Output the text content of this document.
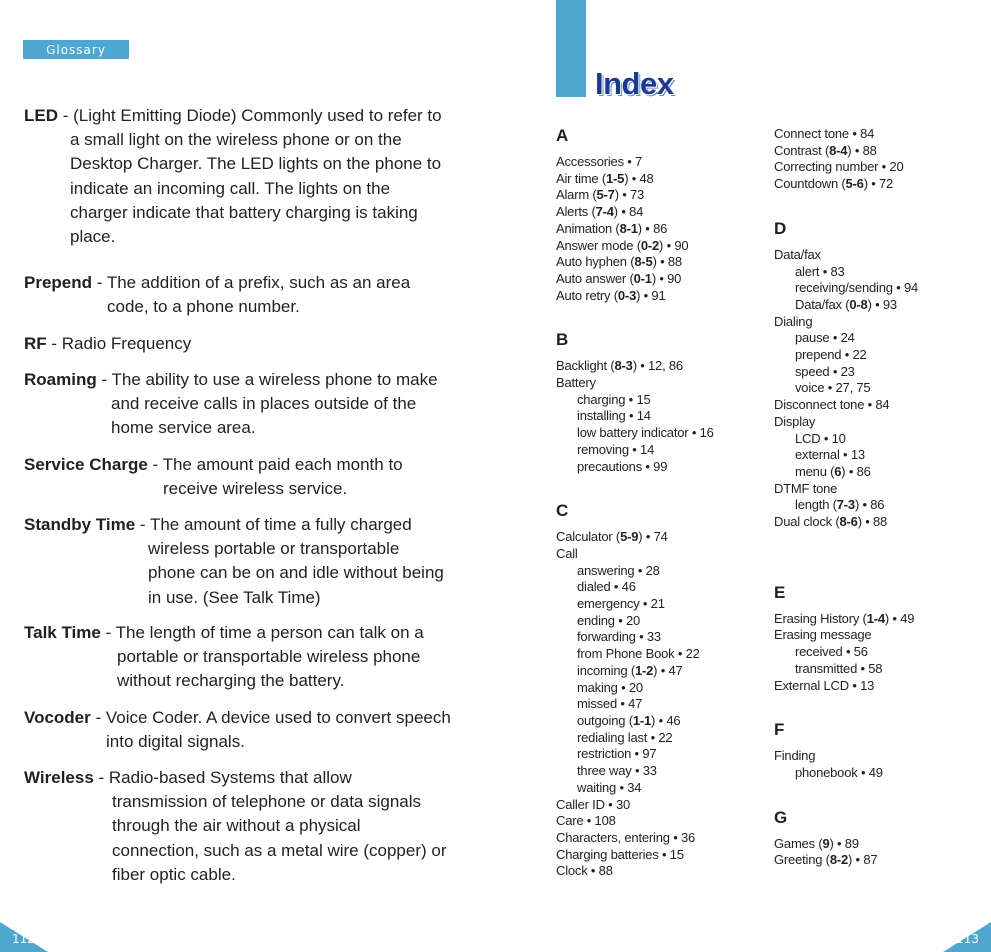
Glossary
LED - (Light Emitting Diode) Commonly used to refer to
a small light on the wireless phone or on the
Desktop Charger. The LED lights on the phone to
indicate an incoming call. The lights on the
charger indicate that battery charging is taking
place.
Prepend - The addition of a prefix, such as an area
code, to a phone number.
RF - Radio Frequency
Roaming - The ability to use a wireless phone to make
and receive calls in places outside of the
home service area.
Service Charge - The amount paid each month to
receive wireless service.
Standby Time - The amount of time a fully charged
wireless portable or transportable
phone can be on and idle without being
in use. (See Talk Time)
Talk Time - The length of time a person can talk on a
portable or transportable wireless phone
without recharging the battery.
Vocoder - Voice Coder. A device used to convert speech
into digital signals.
Wireless - Radio-based Systems that allow
transmission of telephone or data signals
through the air without a physical
connection, such as a metal wire (copper) or
fiber optic cable.
Index
A
Accessories • 7
Air time (1-5) • 48
Alarm (5-7) • 73
Alerts (7-4) • 84
Animation (8-1) • 86
Answer mode (0-2) • 90
Auto hyphen (8-5) • 88
Auto answer (0-1) • 90
Auto retry (0-3) • 91
B
Backlight (8-3) • 12, 86
Battery
charging • 15
installing • 14
low battery indicator • 16
removing • 14
precautions • 99
C
Calculator (5-9) • 74
Call
answering • 28
dialed • 46
emergency • 21
ending • 20
forwarding • 33
from Phone Book • 22
incoming (1-2) • 47
making • 20
missed • 47
outgoing (1-1) • 46
redialing last • 22
restriction • 97
three way • 33
waiting • 34
Caller ID • 30
Care • 108
Characters, entering • 36
Charging batteries • 15
Clock • 88
Connect tone • 84
Contrast (8-4) • 88
Correcting number • 20
Countdown (5-6) • 72
D
Data/fax
alert • 83
receiving/sending • 94
Data/fax (0-8) • 93
Dialing
pause • 24
prepend • 22
speed • 23
voice • 27, 75
Disconnect tone • 84
Display
LCD • 10
external • 13
menu (6) • 86
DTMF tone
length (7-3) • 86
Dual clock (8-6) • 88
E
Erasing History (1-4) • 49
Erasing message
received • 56
transmitted • 58
External LCD • 13
F
Finding
phonebook • 49
G
Games (9) • 89
Greeting (8-2) • 87
112	113
